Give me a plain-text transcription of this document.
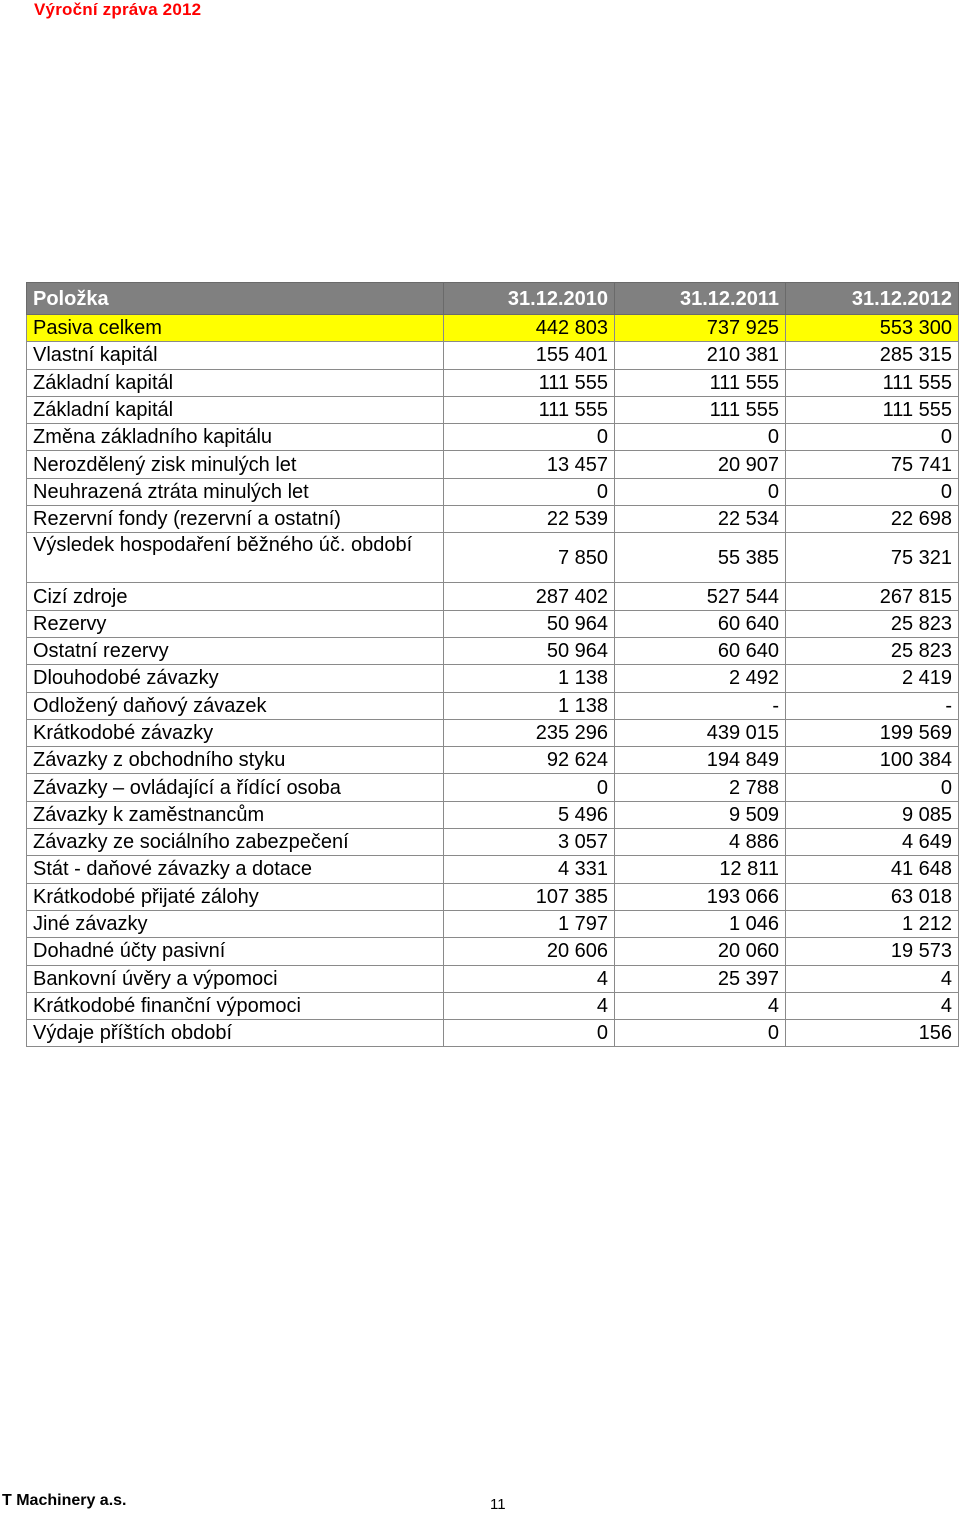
Výroční zpráva 2012
Položka	31.12.2010	31.12.2011	31.12.2012
Pasiva celkem	442 803	737 925	553 300
Vlastní kapitál	155 401	210 381	285 315
Základní kapitál	111 555	111 555	111 555
Základní kapitál	111 555	111 555	111 555
Změna základního kapitálu	0	0	0
Nerozdělený zisk minulých let	13 457	20 907	75 741
Neuhrazená ztráta minulých let	0	0	0
Rezervní fondy (rezervní a ostatní)	22 539	22 534	22 698
Výsledek hospodaření běžného úč. období	7 850	55 385	75 321
Cizí zdroje	287 402	527 544	267 815
Rezervy	50 964	60 640	25 823
Ostatní rezervy	50 964	60 640	25 823
Dlouhodobé závazky	1 138	2 492	2 419
Odložený daňový závazek	1 138	-	-
Krátkodobé závazky	235 296	439 015	199 569
Závazky z obchodního styku	92 624	194 849	100 384
Závazky – ovládající a řídící osoba	0	2 788	0
Závazky k zaměstnancům	5 496	9 509	9 085
Závazky ze sociálního zabezpečení	3 057	4 886	4 649
Stát - daňové závazky a dotace	4 331	12 811	41 648
Krátkodobé přijaté zálohy	107 385	193 066	63 018
Jiné závazky	1 797	1 046	1 212
Dohadné účty pasivní	20 606	20 060	19 573
Bankovní úvěry a výpomoci	4	25 397	4
Krátkodobé finanční výpomoci	4	4	4
Výdaje příštích období	0	0	156
T Machinery a.s.	11
